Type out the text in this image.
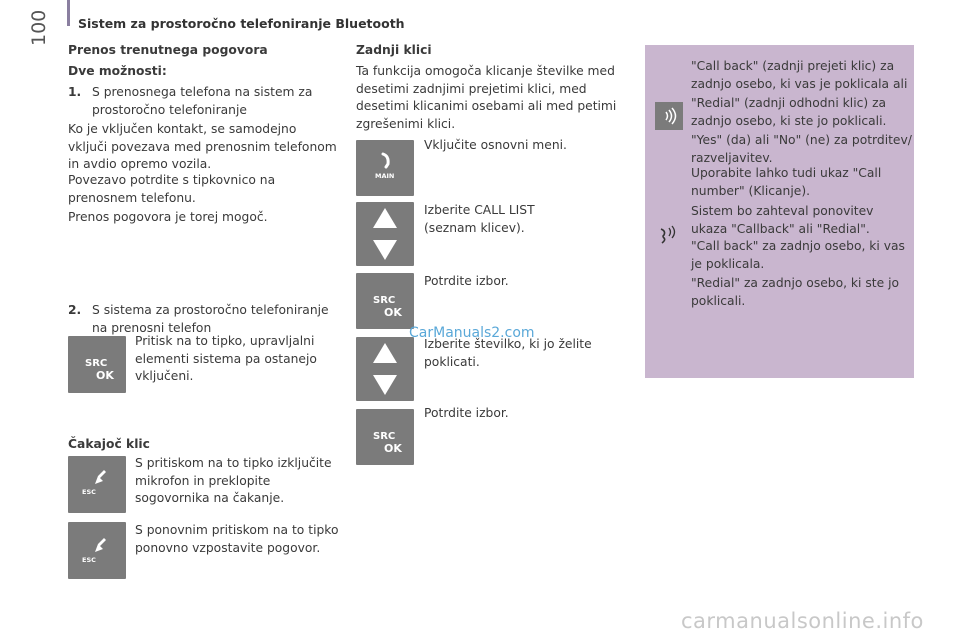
100 Sistem za prostoročno telefoniranje Bluetooth
Prenos trenutnega pogovora
Dve možnosti:
1. S prenosnega telefona na sistem za prostoročno telefoniranje
Ko je vključen kontakt, se samodejno vključi povezava med prenosnim telefonom in avdio opremo vozila.
Povezavo potrdite s tipkovnico na prenosnem telefonu.
Prenos pogovora je torej mogoč.
2. S sistema za prostoročno telefoniranje na prenosni telefon
SRC
OK
Pritisk na to tipko, upravljalni elementi sistema pa ostanejo vključeni.
Čakajoč klic
ESC
S pritiskom na to tipko izključite mikrofon in preklopite sogovornika na čakanje.
ESC
S ponovnim pritiskom na to tipko ponovno vzpostavite pogovor.
Zadnji klici
Ta funkcija omogoča klicanje številke med desetimi zadnjimi prejetimi klici, med desetimi klicanimi osebami ali med petimi zgrešenimi klici.
MAIN
Vključite osnovni meni.
Izberite CALL LIST (seznam klicev).
SRC
OK
Potrdite izbor.
Izberite številko, ki jo želite poklicati.
SRC
OK
Potrdite izbor.
CarManuals2.com
"Call back" (zadnji prejeti klic) za zadnjo osebo, ki vas je poklicala ali
"Redial" (zadnji odhodni klic) za zadnjo osebo, ki ste jo poklicali.
"Yes" (da) ali "No" (ne) za potrditev/ razveljavitev.
Uporabite lahko tudi ukaz "Call number" (Klicanje).
Sistem bo zahteval ponovitev ukaza "Callback" ali "Redial".
"Call back" za zadnjo osebo, ki vas je poklicala.
"Redial" za zadnjo osebo, ki ste jo poklicali.
carmanualsonline.info
